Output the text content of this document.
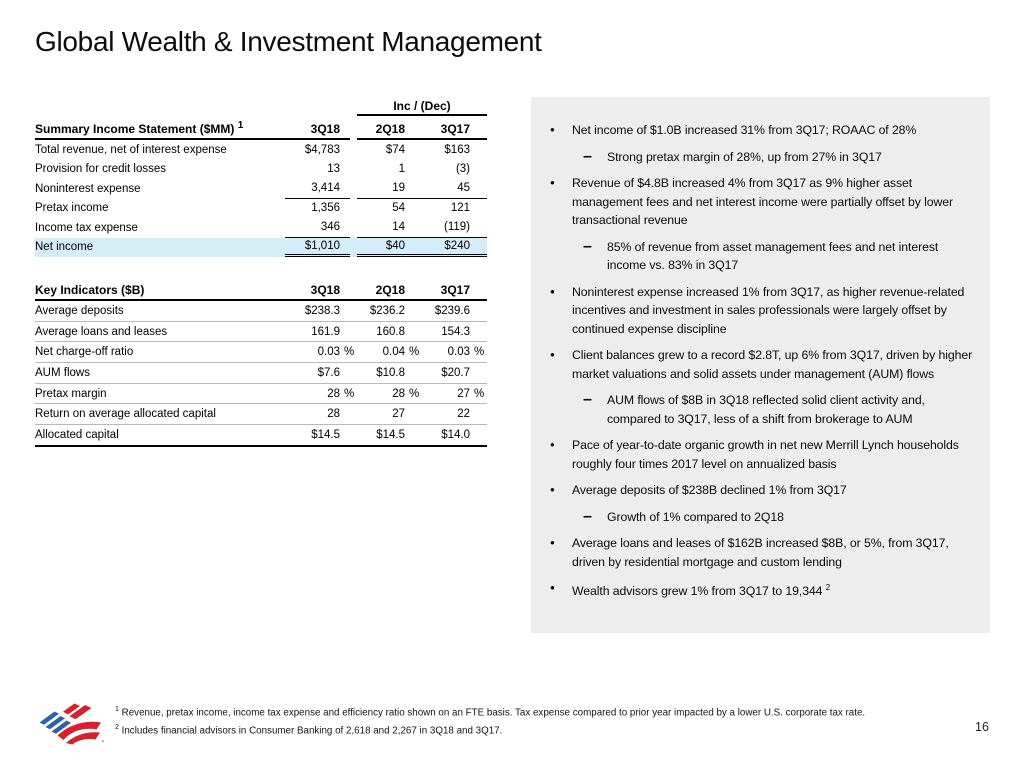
Global Wealth & Investment Management
Inc / (Dec)
Summary Income Statement ($MM) $^1$	3Q18	2Q18	3Q17
Total revenue, net of interest expense	$4,783	$74	$163
Provision for credit losses	13	1	(3)
Noninterest expense	3,414	19	45
Pretax income	1,356	54	121
Income tax expense	346	14	(119)
Net income	$1,010	$40	$240
Key Indicators ($B)	3Q18	2Q18	3Q17
Average deposits	$238.3	$236.2	$239.6
Average loans and leases	161.9	160.8	154.3
Net charge-off ratio	0.03 %	0.04 %	0.03 %
AUM flows	$7.6	$10.8	$20.7
Pretax margin	28 %	28 %	27 %
Return on average allocated capital	28	27	22
Allocated capital	$14.5	$14.5	$14.0
●	Net income of $1.0B increased 31% from 3Q17; ROAAC of 28%
–	Strong pretax margin of 28%, up from 27% in 3Q17
●	Revenue of $4.8B increased 4% from 3Q17 as 9% higher asset management fees and net interest income were partially offset by lower transactional revenue
–	85% of revenue from asset management fees and net interest income vs. 83% in 3Q17
●	Noninterest expense increased 1% from 3Q17, as higher revenue-related incentives and investment in sales professionals were largely offset by continued expense discipline
●	Client balances grew to a record $2.8T, up 6% from 3Q17, driven by higher market valuations and solid assets under management (AUM) flows
–	AUM flows of $8B in 3Q18 reflected solid client activity and, compared to 3Q17, less of a shift from brokerage to AUM
●	Pace of year-to-date organic growth in net new Merrill Lynch households roughly four times 2017 level on annualized basis
●	Average deposits of $238B declined 1% from 3Q17
–	Growth of 1% compared to 2Q18
●	Average loans and leases of $162B increased $8B, or 5%, from 3Q17, driven by residential mortgage and custom lending
●	Wealth advisors grew 1% from 3Q17 to 19,344 $^2$
$^1$ Revenue, pretax income, income tax expense and efficiency ratio shown on an FTE basis. Tax expense compared to prior year impacted by a lower U.S. corporate tax rate.
$^2$ Includes financial advisors in Consumer Banking of 2,618 and 2,267 in 3Q18 and 3Q17.	16
